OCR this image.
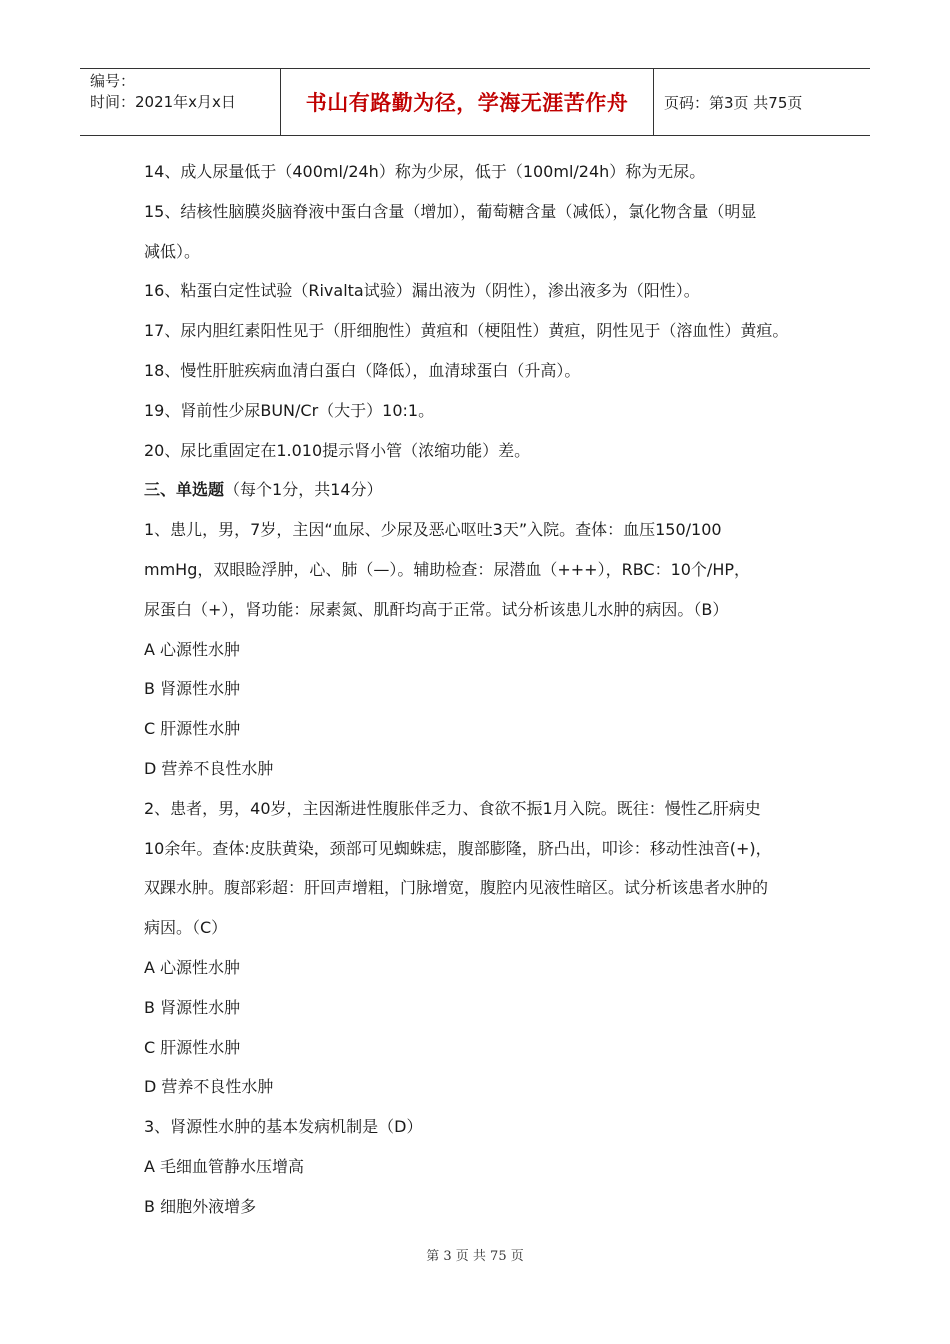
编号：
时间：2021年x月x日	书山有路勤为径，学海无涯苦作舟	页码：第3页 共75页
14、成人尿量低于（400ml/24h）称为少尿，低于（100ml/24h）称为无尿。
15、结核性脑膜炎脑脊液中蛋白含量（增加），葡萄糖含量（减低），氯化物含量（明显
减低）。
16、粘蛋白定性试验（Rivalta试验）漏出液为（阴性），渗出液多为（阳性）。
17、尿内胆红素阳性见于（肝细胞性）黄疸和（梗阻性）黄疸，阴性见于（溶血性）黄疸。
18、慢性肝脏疾病血清白蛋白（降低），血清球蛋白（升高）。
19、肾前性少尿BUN/Cr（大于）10:1。
20、尿比重固定在1.010提示肾小管（浓缩功能）差。
三、单选题（每个1分，共14分）
1、患儿，男，7岁，主因“血尿、少尿及恶心呕吐3天”入院。查体：血压150/100
mmHg，双眼睑浮肿，心、肺（—）。辅助检查：尿潜血（+++），RBC：10个/HP，
尿蛋白（+），肾功能：尿素氮、肌酐均高于正常。试分析该患儿水肿的病因。（B）
A 心源性水肿
B 肾源性水肿
C 肝源性水肿
D 营养不良性水肿
2、患者，男，40岁，主因渐进性腹胀伴乏力、食欲不振1月入院。既往：慢性乙肝病史
10余年。查体:皮肤黄染，颈部可见蜘蛛痣，腹部膨隆，脐凸出，叩诊：移动性浊音(+)，
双踝水肿。腹部彩超：肝回声增粗，门脉增宽，腹腔内见液性暗区。试分析该患者水肿的
病因。（C）
A 心源性水肿
B 肾源性水肿
C 肝源性水肿
D 营养不良性水肿
3、肾源性水肿的基本发病机制是（D）
A 毛细血管静水压增高
B 细胞外液增多
第 3 页 共 75 页
